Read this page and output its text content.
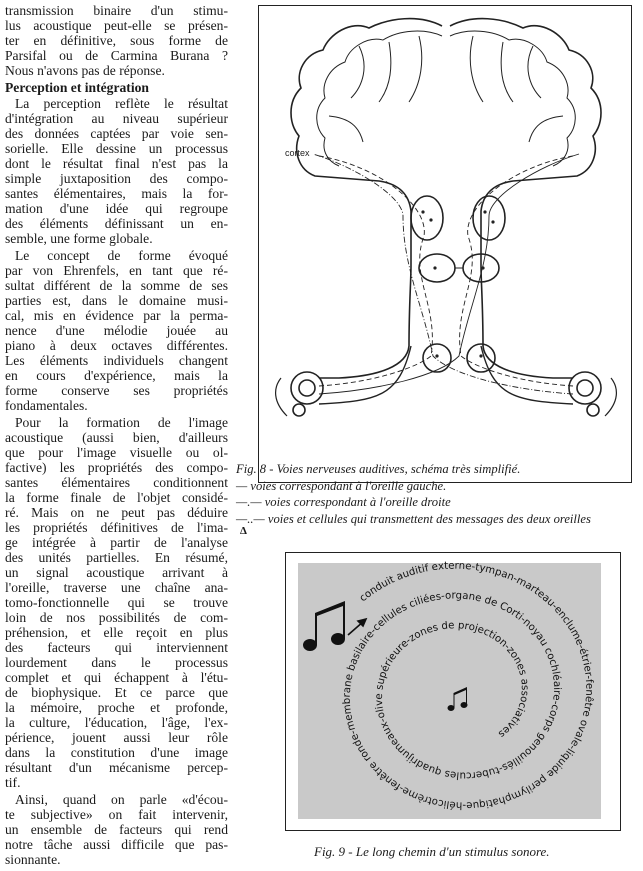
transmission binaire d'un stimu-
lus acoustique peut-elle se présen-
ter en définitive, sous forme de
Parsifal ou de Carmina Burana ?
Nous n'avons pas de réponse.
Perception et intégration
La perception reflète le résultat
d'intégration au niveau supérieur
des données captées par voie sen-
sorielle. Elle dessine un processus
dont le résultat final n'est pas la
simple juxtaposition des compo-
santes élémentaires, mais la for-
mation d'une idée qui regroupe
des éléments définissant un en-
semble, une forme globale.
Le concept de forme évoqué
par von Ehrenfels, en tant que ré-
sultat différent de la somme de ses
parties est, dans le domaine musi-
cal, mis en évidence par la perma-
nence d'une mélodie jouée au
piano à deux octaves différentes.
Les éléments individuels changent
en cours d'expérience, mais la
forme conserve ses propriétés
fondamentales.
Pour la formation de l'image
acoustique (aussi bien, d'ailleurs
que pour l'image visuelle ou ol-
factive) les propriétés des compo-
santes élémentaires conditionnent
la forme finale de l'objet considé-
ré. Mais on ne peut pas déduire
les propriétés définitives de l'ima-
ge intégrée à partir de l'analyse
des unités partielles. En résumé,
un signal acoustique arrivant à
l'oreille, traverse une chaîne ana-
tomo-fonctionnelle qui se trouve
loin de nos possibilités de com-
préhension, et elle reçoit en plus
des facteurs qui interviennent
lourdement dans le processus
complet et qui échappent à l'étu-
de biophysique. Et ce parce que
la mémoire, proche et profonde,
la culture, l'éducation, l'âge, l'ex-
périence, jouent aussi leur rôle
dans la constitution d'une image
résultant d'un mécanisme percep-
tif.
Ainsi, quand on parle «d'écou-
te subjective» on fait intervenir,
un ensemble de facteurs qui rend
notre tâche aussi difficile que pas-
sionnante.
cortex
Fig. 8 - Voies nerveuses auditives, schéma très simplifié.
— voies correspondant à l'oreille gauche.
—.— voies correspondant à l'oreille droite
—..— voies et cellules qui transmettent des messages des deux oreilles
Δ
conduit auditif externe-tympan-marteau-enclume-étrier-fenêtre ovale-liquide perilymphatique-hélicotrème-fenêtre ronde-membrane basilaire-cellules ciliées-organe de Corti-noyau cochléaire-corps genouillés-tubercules quadrijumeaux-olive supérieure-zones de projection-zones associatives
Fig. 9 - Le long chemin d'un stimulus sonore.
